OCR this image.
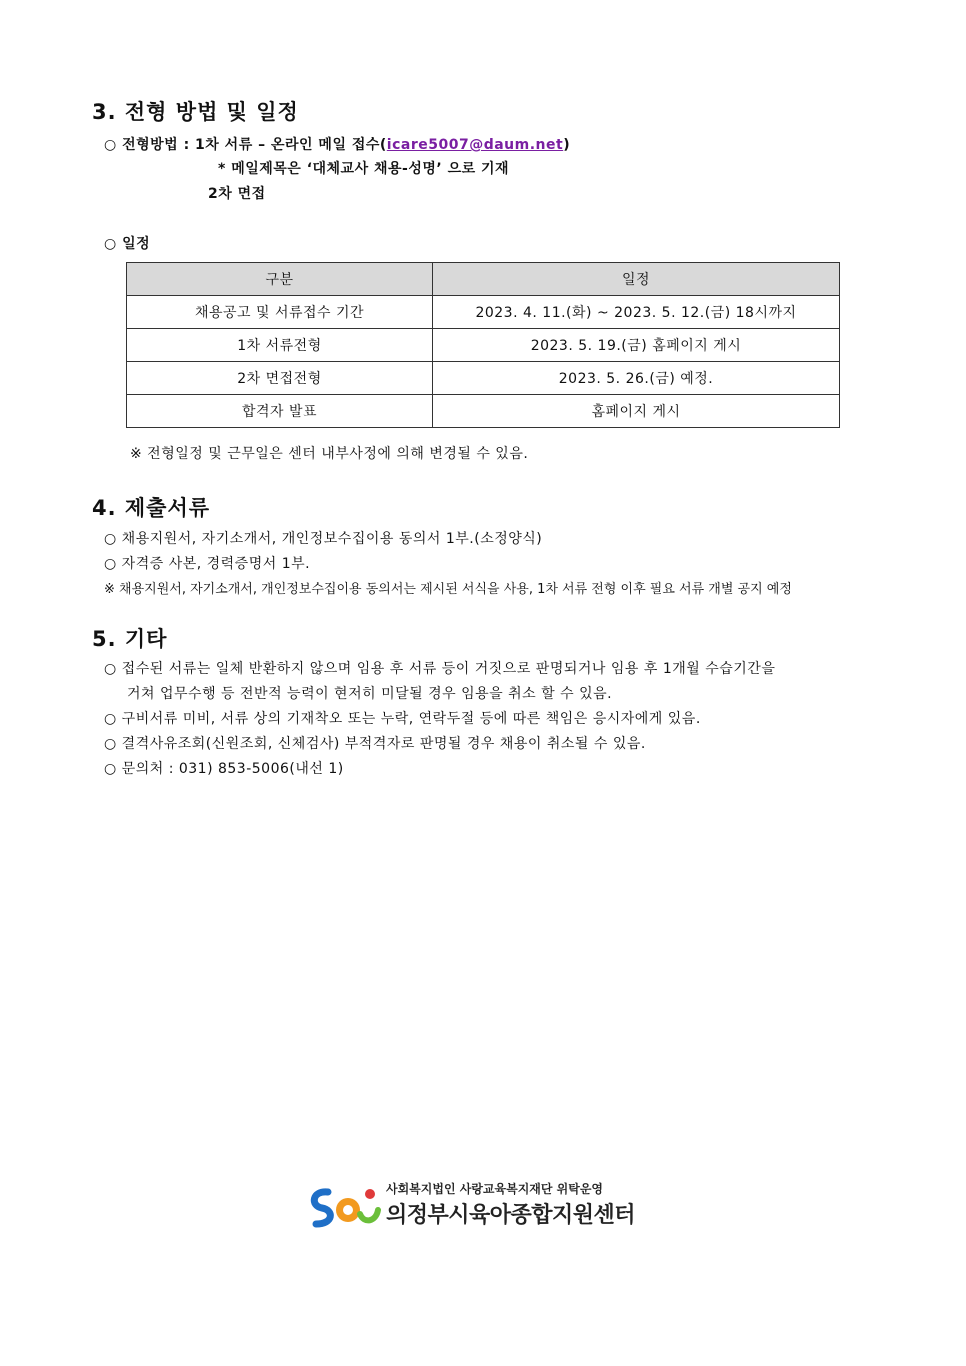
3. 전형 방법 및 일정
○ 전형방법 : 1차 서류 – 온라인 메일 접수(icare5007@daum.net)
* 메일제목은 ‘대체교사 채용-성명’ 으로 기재
2차 면접
○ 일정
구분	일정
채용공고 및 서류접수 기간	2023. 4. 11.(화) ~ 2023. 5. 12.(금) 18시까지
1차 서류전형	2023. 5. 19.(금) 홈페이지 게시
2차 면접전형	2023. 5. 26.(금) 예정.
합격자 발표	홈페이지 게시
※ 전형일정 및 근무일은 센터 내부사정에 의해 변경될 수 있음.
4. 제출서류
○ 채용지원서, 자기소개서, 개인정보수집이용 동의서 1부.(소정양식)
○ 자격증 사본, 경력증명서 1부.
※ 채용지원서, 자기소개서, 개인정보수집이용 동의서는 제시된 서식을 사용, 1차 서류 전형 이후 필요 서류 개별 공지 예정
5. 기타
○ 접수된 서류는 일체 반환하지 않으며 임용 후 서류 등이 거짓으로 판명되거나 임용 후 1개월 수습기간을
거쳐 업무수행 등 전반적 능력이 현저히 미달될 경우 임용을 취소 할 수 있음.
○ 구비서류 미비, 서류 상의 기재착오 또는 누락, 연락두절 등에 따른 책임은 응시자에게 있음.
○ 결격사유조회(신원조회, 신체검사) 부적격자로 판명될 경우 채용이 취소될 수 있음.
○ 문의처 : 031) 853-5006(내선 1)
사회복지법인 사랑교육복지재단 위탁운영
의정부시육아종합지원센터
